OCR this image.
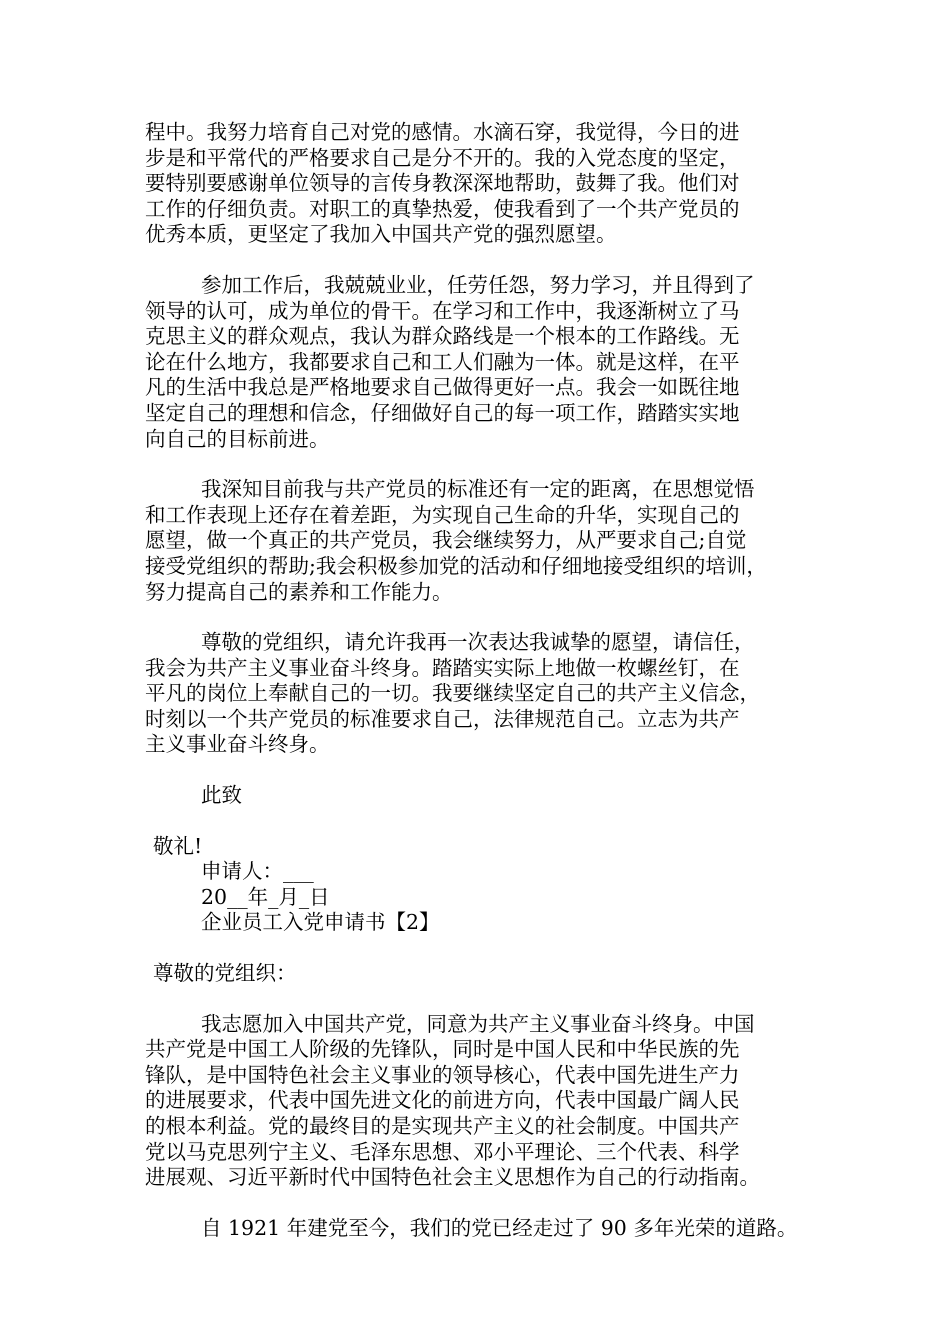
程中。我努力培育自己对党的感情。水滴石穿，我觉得，今日的进
步是和平常代的严格要求自己是分不开的。我的入党态度的坚定，
要特别要感谢单位领导的言传身教深深地帮助，鼓舞了我。他们对
工作的仔细负责。对职工的真挚热爱，使我看到了一个共产党员的
优秀本质，更坚定了我加入中国共产党的强烈愿望。
参加工作后，我兢兢业业，任劳任怨，努力学习，并且得到了
领导的认可，成为单位的骨干。在学习和工作中，我逐渐树立了马
克思主义的群众观点，我认为群众路线是一个根本的工作路线。无
论在什么地方，我都要求自己和工人们融为一体。就是这样，在平
凡的生活中我总是严格地要求自己做得更好一点。我会一如既往地
坚定自己的理想和信念，仔细做好自己的每一项工作，踏踏实实地
向自己的目标前进。
我深知目前我与共产党员的标准还有一定的距离，在思想觉悟
和工作表现上还存在着差距，为实现自己生命的升华，实现自己的
愿望，做一个真正的共产党员，我会继续努力，从严要求自己;自觉
接受党组织的帮助;我会积极参加党的活动和仔细地接受组织的培训，
努力提高自己的素养和工作能力。
尊敬的党组织，请允许我再一次表达我诚挚的愿望，请信任，
我会为共产主义事业奋斗终身。踏踏实实际上地做一枚螺丝钉，在
平凡的岗位上奉献自己的一切。我要继续坚定自己的共产主义信念，
时刻以一个共产党员的标准要求自己，法律规范自己。立志为共产
主义事业奋斗终身。
此致
敬礼!
申请人：___
20__年_月_日
企业员工入党申请书【2】
尊敬的党组织：
我志愿加入中国共产党，同意为共产主义事业奋斗终身。中国
共产党是中国工人阶级的先锋队，同时是中国人民和中华民族的先
锋队，是中国特色社会主义事业的领导核心，代表中国先进生产力
的进展要求，代表中国先进文化的前进方向，代表中国最广阔人民
的根本利益。党的最终目的是实现共产主义的社会制度。中国共产
党以马克思列宁主义、毛泽东思想、邓小平理论、三个代表、科学
进展观、习近平新时代中国特色社会主义思想作为自己的行动指南。
自 1921 年建党至今，我们的党已经走过了 90 多年光荣的道路。
